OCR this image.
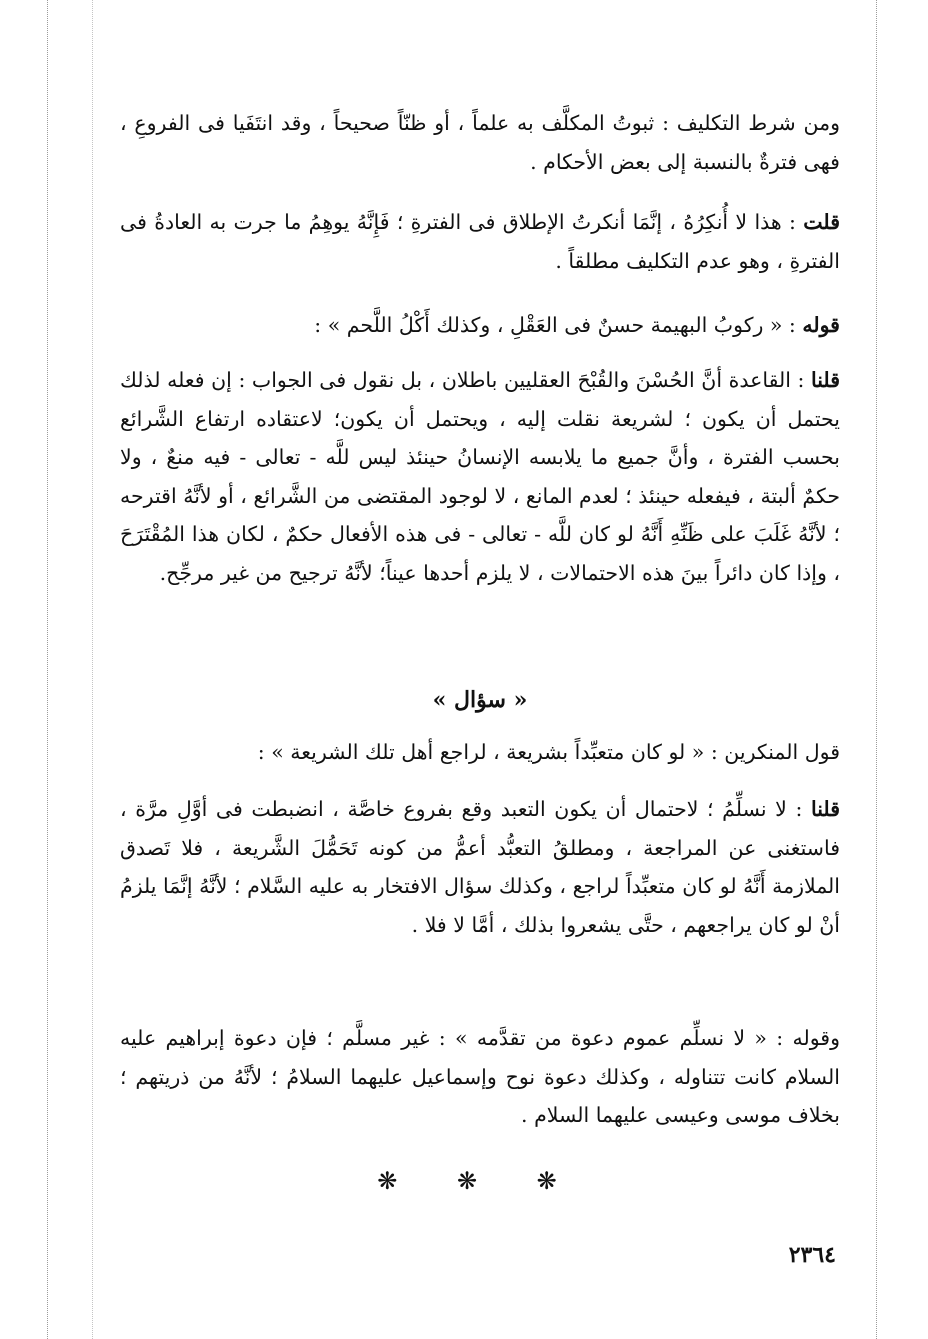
ومن شرط التكليف : ثبوتُ المكلَّف به علماً ، أو ظنّاً صحيحاً ، وقد انتَفَيا فى الفروعِ ، فهى فترةٌ بالنسبة إلى بعض الأحكام .

قلت : هذا لا أُنكِرُهُ ، إنَّمَا أنكرتُ الإطلاق فى الفترةِ ؛ فَإِنَّهُ يوهِمُ ما جرت به العادةُ فى الفترةِ ، وهو عدم التكليف مطلقاً .

قوله : « ركوبُ البهيمة حسنٌ فى العَقْلِ ، وكذلك أَكْلُ اللَّحم » :

قلنا : القاعدة أنَّ الحُسْنَ والقُبْحَ العقليين باطلان ، بل نقول فى الجواب : إن فعله لذلك يحتمل أن يكون ؛ لشريعة نقلت إليه ، ويحتمل أن يكون؛ لاعتقاده ارتفاع الشَّرائع بحسب الفترة ، وأنَّ جميع ما يلابسه الإنسانُ حينئذ ليس للَّه - تعالى - فيه منعٌ ، ولا حكمٌ ألبتة ، فيفعله حينئذ ؛ لعدم المانع ، لا لوجود المقتضى من الشَّرائع ، أو لأنَّهُ اقترحه ؛ لأنَّهُ غَلَبَ على ظَنِّهِ أَنَّهُ لو كان للَّه - تعالى - فى هذه الأفعال حكمٌ ، لكان هذا المُقْتَرَحَ ، وإذا كان دائراً بينَ هذه الاحتمالات ، لا يلزم أحدها عيناً؛ لأنَّهُ ترجيح من غير مرجِّح.

« سؤال »

قول المنكرين : « لو كان متعبِّداً بشريعة ، لراجع أهل تلك الشريعة » :

قلنا : لا نسلِّمُ ؛ لاحتمال أن يكون التعبد وقع بفروع خاصَّة ، انضبطت فى أوَّلِ مرَّة ، فاستغنى عن المراجعة ، ومطلقُ التعبُّد أعمُّ من كونه تَحَمُّلَ الشَّريعة ، فلا تَصدق الملازمة أَنَّهُ لو كان متعبِّداً لراجع ، وكذلك سؤال الافتخار به عليه السَّلام ؛ لأنَّهُ إنَّمَا يلزمُ أنْ لو كان يراجعهم ، حتَّى يشعروا بذلك ، أمَّا لا فلا .

وقوله : « لا نسلِّم عموم دعوة من تقدَّمه » : غير مسلَّم ؛ فإن دعوة إبراهيم عليه السلام كانت تتناوله ، وكذلك دعوة نوح وإسماعيل عليهما السلامُ ؛ لأنَّهُ من ذريتهم ؛ بخلاف موسى وعيسى عليهما السلام .

❋ ❋ ❋
٢٣٦٤
